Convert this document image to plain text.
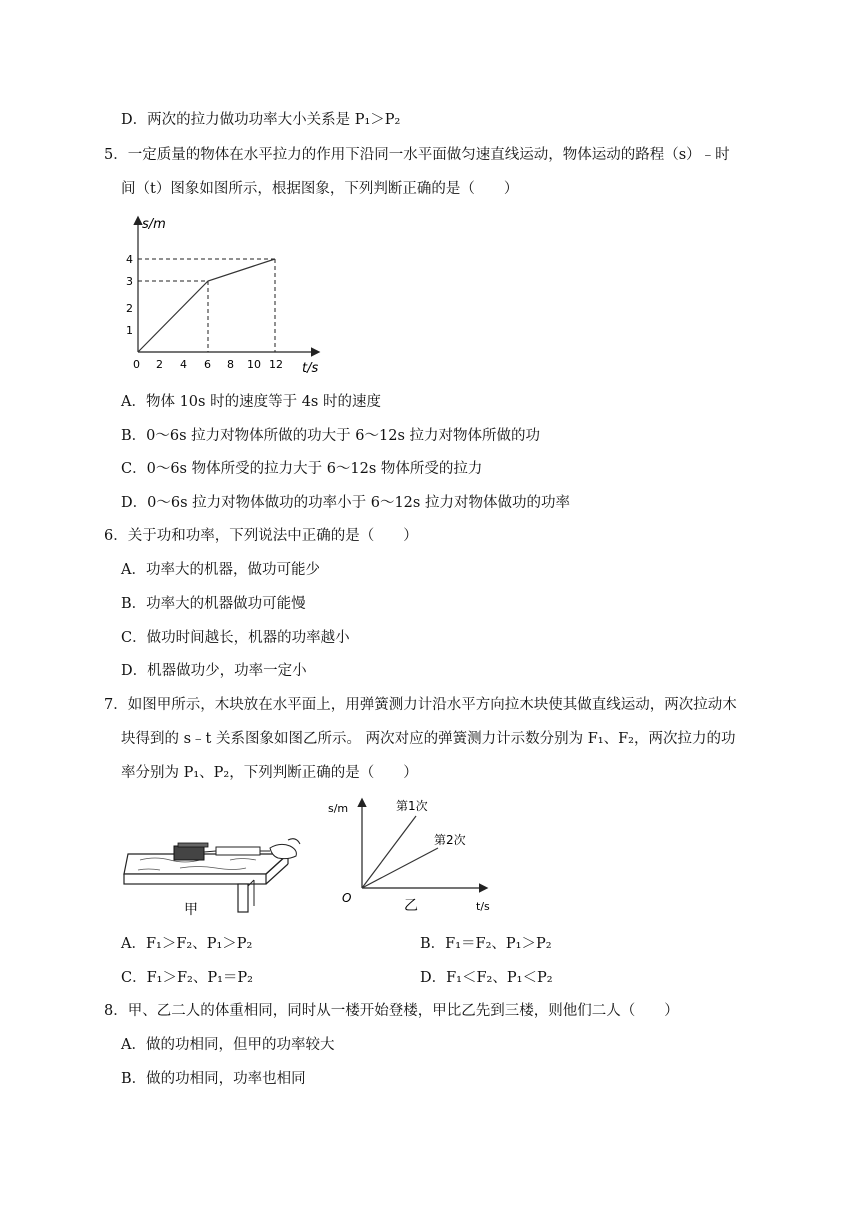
D．两次的拉力做功功率大小关系是 P₁＞P₂
5．一定质量的物体在水平拉力的作用下沿同一水平面做匀速直线运动，物体运动的路程（s）﹣时
间（t）图象如图所示，根据图象，下列判断正确的是（　　）
s/m
t/s
1
2
3
4
0 2 4 6 8 10 12
A．物体 10s 时的速度等于 4s 时的速度
B．0～6s 拉力对物体所做的功大于 6～12s 拉力对物体所做的功
C．0～6s 物体所受的拉力大于 6～12s 物体所受的拉力
D．0～6s 拉力对物体做功的功率小于 6～12s 拉力对物体做功的功率
6．关于功和功率，下列说法中正确的是（　　）
A．功率大的机器，做功可能少
B．功率大的机器做功可能慢
C．做功时间越长，机器的功率越小
D．机器做功少，功率一定小
7．如图甲所示，木块放在水平面上，用弹簧测力计沿水平方向拉木块使其做直线运动，两次拉动木
块得到的 s﹣t 关系图象如图乙所示。 两次对应的弹簧测力计示数分别为 F₁、F₂，两次拉力的功
率分别为 P₁、P₂，下列判断正确的是（　　）
甲
s/m	第1次
第2次
O	乙	t/s
A．F₁＞F₂、P₁＞P₂	B．F₁＝F₂、P₁＞P₂
C．F₁＞F₂、P₁＝P₂	D．F₁＜F₂、P₁＜P₂
8．甲、乙二人的体重相同，同时从一楼开始登楼，甲比乙先到三楼，则他们二人（　　）
A．做的功相同，但甲的功率较大
B．做的功相同，功率也相同
